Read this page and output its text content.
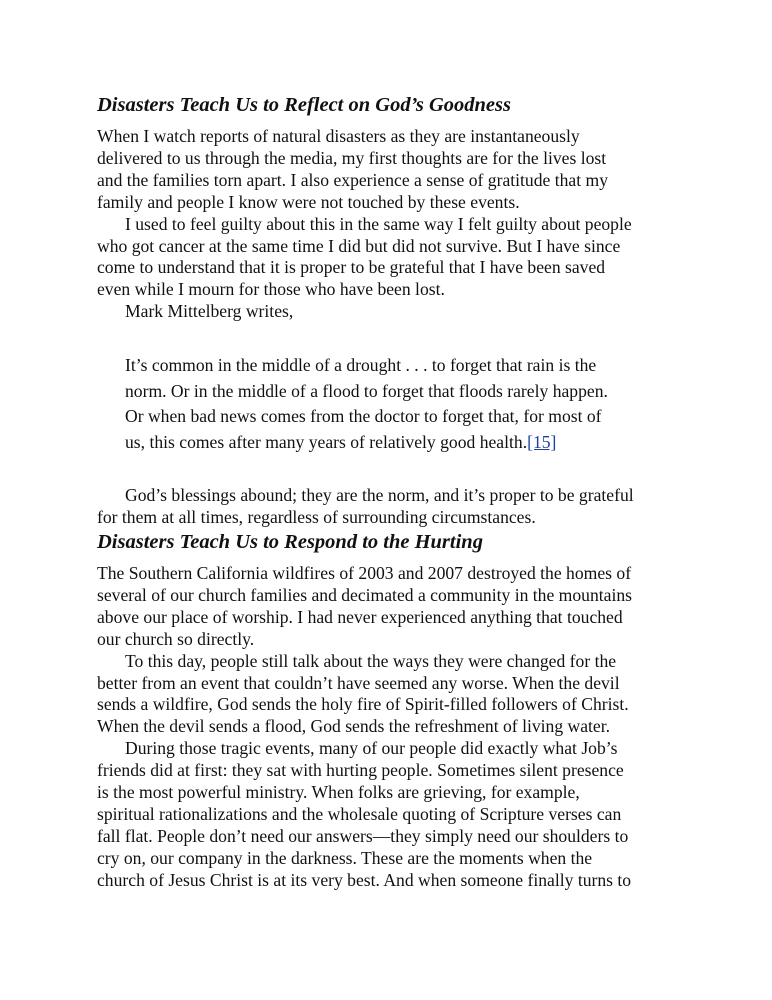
Disasters Teach Us to Reflect on God’s Goodness

When I watch reports of natural disasters as they are instantaneously
delivered to us through the media, my first thoughts are for the lives lost
and the families torn apart. I also experience a sense of gratitude that my
family and people I know were not touched by these events.

I used to feel guilty about this in the same way I felt guilty about people
who got cancer at the same time I did but did not survive. But I have since
come to understand that it is proper to be grateful that I have been saved
even while I mourn for those who have been lost.

Mark Mittelberg writes,

It’s common in the middle of a drought . . . to forget that rain is the
norm. Or in the middle of a flood to forget that floods rarely happen.
Or when bad news comes from the doctor to forget that, for most of
us, this comes after many years of relatively good health.[15]

God’s blessings abound; they are the norm, and it’s proper to be grateful
for them at all times, regardless of surrounding circumstances.

Disasters Teach Us to Respond to the Hurting

The Southern California wildfires of 2003 and 2007 destroyed the homes of
several of our church families and decimated a community in the mountains
above our place of worship. I had never experienced anything that touched
our church so directly.

To this day, people still talk about the ways they were changed for the
better from an event that couldn’t have seemed any worse. When the devil
sends a wildfire, God sends the holy fire of Spirit-filled followers of Christ.
When the devil sends a flood, God sends the refreshment of living water.

During those tragic events, many of our people did exactly what Job’s
friends did at first: they sat with hurting people. Sometimes silent presence
is the most powerful ministry. When folks are grieving, for example,
spiritual rationalizations and the wholesale quoting of Scripture verses can
fall flat. People don’t need our answers—they simply need our shoulders to
cry on, our company in the darkness. These are the moments when the
church of Jesus Christ is at its very best. And when someone finally turns to
